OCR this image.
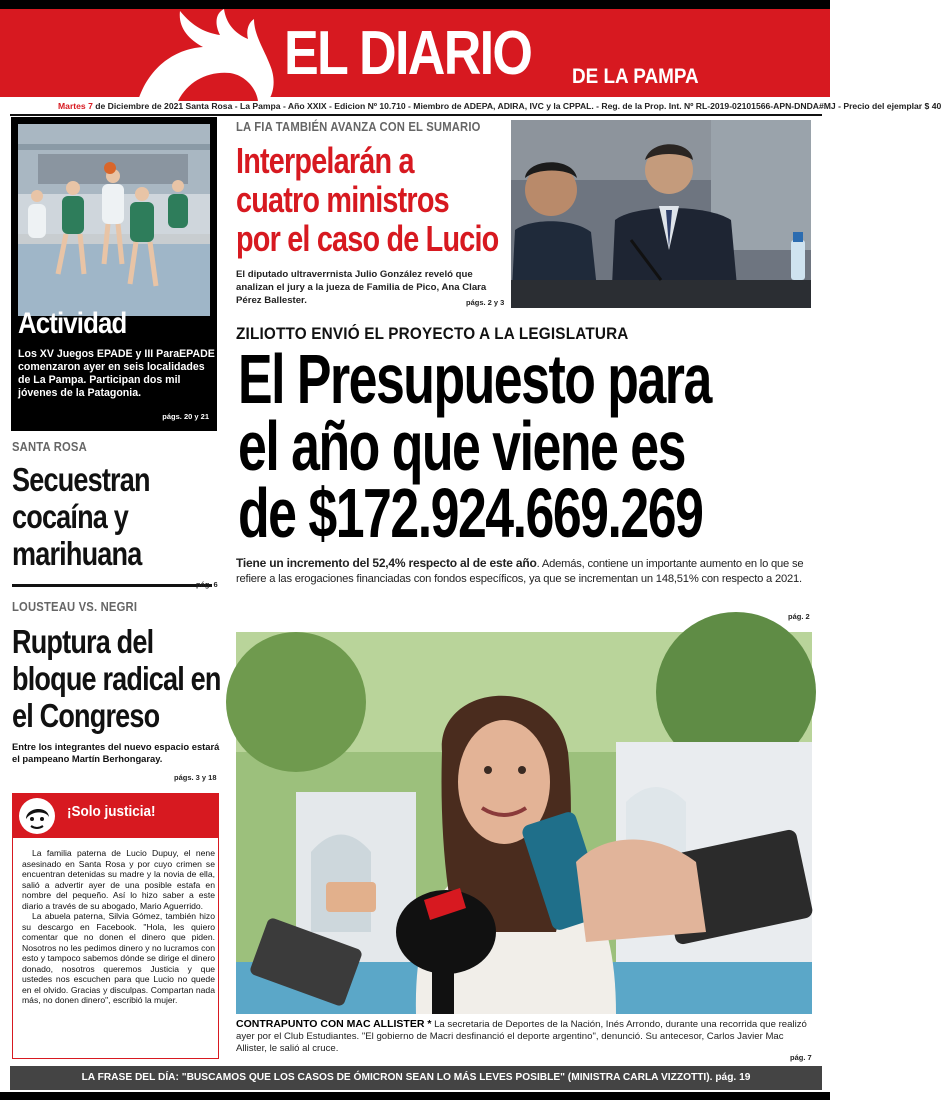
EL DIARIO DE LA PAMPA
Martes 7 de Diciembre de 2021 Santa Rosa - La Pampa - Año XXIX - Edicion Nº 10.710 - Miembro de ADEPA, ADIRA, IVC y la CPPAL. - Reg. de la Prop. Int. Nº RL-2019-02101566-APN-DNDA#MJ - Precio del ejemplar $ 40
Actividad
Los XV Juegos EPADE y III ParaEPADE comenzaron ayer en seis localidades de La Pampa. Participan dos mil jóvenes de la Patagonia.
págs. 20 y 21
SANTA ROSA
Secuestran cocaína y marihuana
pág. 6
LOUSTEAU VS. NEGRI
Ruptura del bloque radical en el Congreso
Entre los integrantes del nuevo espacio estará el pampeano Martín Berhongaray.
págs. 3 y 18
¡Solo justicia!

La familia paterna de Lucio Dupuy, el nene asesinado en Santa Rosa y por cuyo crimen se encuentran detenidas su madre y la novia de ella, salió a advertir ayer de una posible estafa en nombre del pequeño. Así lo hizo saber a este diario a través de su abogado, Mario Aguerrido.

La abuela paterna, Silvia Gómez, también hizo su descargo en Facebook. "Hola, les quiero comentar que no donen el dinero que piden. Nosotros no les pedimos dinero y no lucramos con esto y tampoco sabemos dónde se dirige el dinero donado, nosotros queremos Justicia y que ustedes nos escuchen para que Lucio no quede en el olvido. Gracias y disculpas. Compartan nada más, no donen dinero", escribió la mujer.

LA FIA TAMBIÉN AVANZA CON EL SUMARIO
Interpelarán a cuatro ministros por el caso de Lucio
El diputado ultraverrnista Julio González reveló que analizan el jury a la jueza de Familia de Pico, Ana Clara Pérez Ballester.	págs. 2 y 3
ZILIOTTO ENVIÓ EL PROYECTO A LA LEGISLATURA
El Presupuesto para
el año que viene es
de $172.924.669.269
Tiene un incremento del 52,4% respecto al de este año. Además, contiene un importante aumento en lo que se refiere a las erogaciones financiadas con fondos específicos, ya que se incrementan un 148,51% con respecto a 2021.
pág. 2
CONTRAPUNTO CON MAC ALLISTER * La secretaria de Deportes de la Nación, Inés Arrondo, durante una recorrida que realizó ayer por el Club Estudiantes. "El gobierno de Macri desfinanció el deporte argentino", denunció. Su antecesor, Carlos Javier Mac Allister, le salió al cruce.
pág. 7
LA FRASE DEL DÍA: "BUSCAMOS QUE LOS CASOS DE ÓMICRON SEAN LO MÁS LEVES POSIBLE" (MINISTRA CARLA VIZZOTTI). pág. 19
